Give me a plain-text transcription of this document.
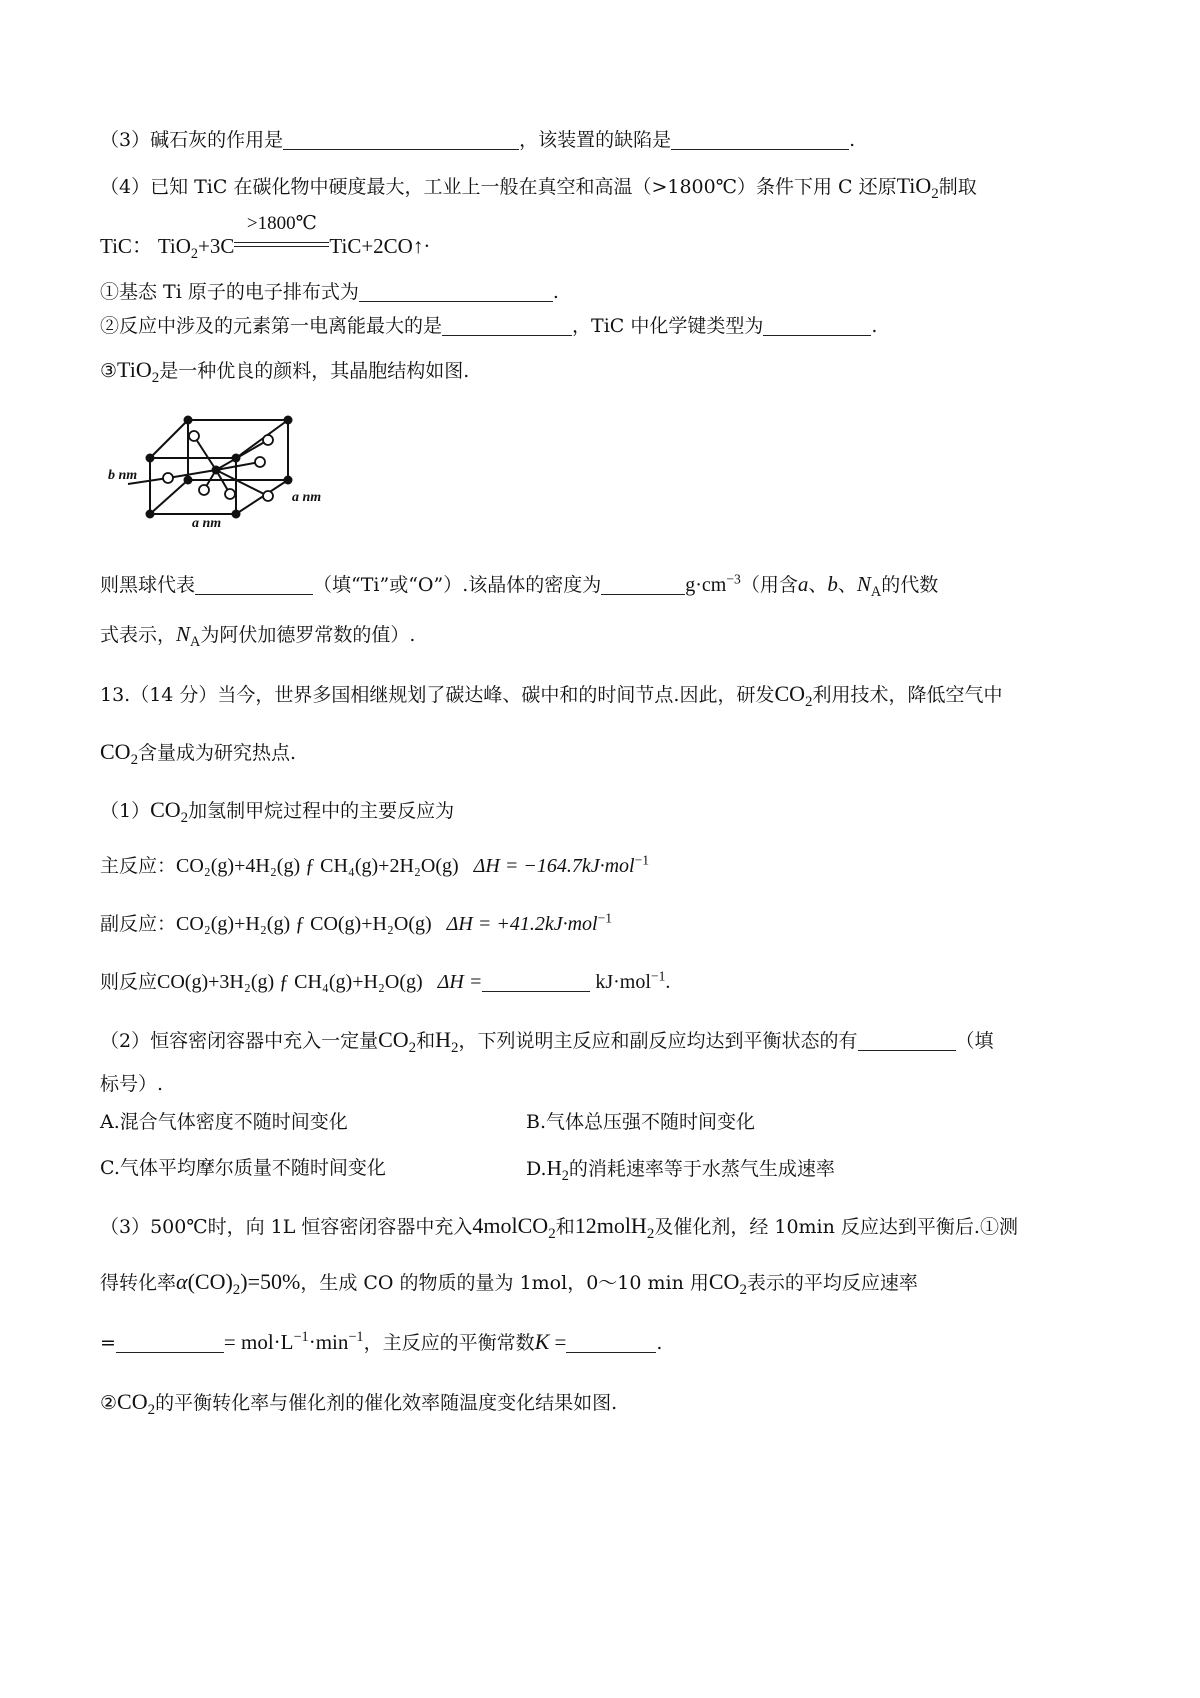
（3）碱石灰的作用是	，该装置的缺陷是	.
（4）已知 TiC 在碳化物中硬度最大，工业上一般在真空和高温（>1800℃）条件下用 C 还原TiO$_2$制取
TiC： TiO$_2$+3C
>1800℃
TiC+2CO↑·
①基态 Ti 原子的电子排布式为	.
②反应中涉及的元素第一电离能最大的是	，TiC 中化学键类型为	.
③TiO$_2$是一种优良的颜料，其晶胞结构如图.
b nm
a nm
a nm
则黑球代表	（填“Ti”或“O”）.该晶体的密度为	$g\cdot cm^{-3}$（用含a、b、$N_A$的代数
式表示，$N_A$为阿伏加德罗常数的值）.
13.（14 分）当今，世界多国相继规划了碳达峰、碳中和的时间节点.因此，研发$CO_2$利用技术，降低空气中
$CO_2$含量成为研究热点.
$(1)CO_2$加氢制甲烷过程中的主要反应为
主反应：CO₂(g)+4H₂(g) ƒ CH₄(g)+2H₂O(g) ΔH = −164.7kJ·mol$^{-1}$
副反应：CO₂(g)+H₂(g) ƒ CO(g)+H₂O(g) ΔH = +41.2kJ·mol$^{-1}$
则反应CO(g)+3H₂(g) ƒ CH₄(g)+H₂O(g) ΔH =	kJ·mol$^{-1}$.
（2）恒容密闭容器中充入一定量$CO_2$和$H_2$，下列说明主反应和副反应均达到平衡状态的有	（填
标号）.
A.混合气体密度不随时间变化	B.气体总压强不随时间变化
C.气体平均摩尔质量不随时间变化	$D.H_2$的消耗速率等于水蒸气生成速率
（3）500℃时，向 1L 恒容密闭容器中充入4molCO$_2$和12molH$_2$及催化剂，经 10min 反应达到平衡后.①测
得转化率$\alpha(CO)_2)=50\%$，生成 CO 的物质的量为 1mol，0～10 min 用$CO_2$表示的平均反应速率
=	= $mol\cdot L^{-1}\cdot\min^{-1}$，主反应的平衡常数K =	.
$②CO_2$的平衡转化率与催化剂的催化效率随温度变化结果如图.
